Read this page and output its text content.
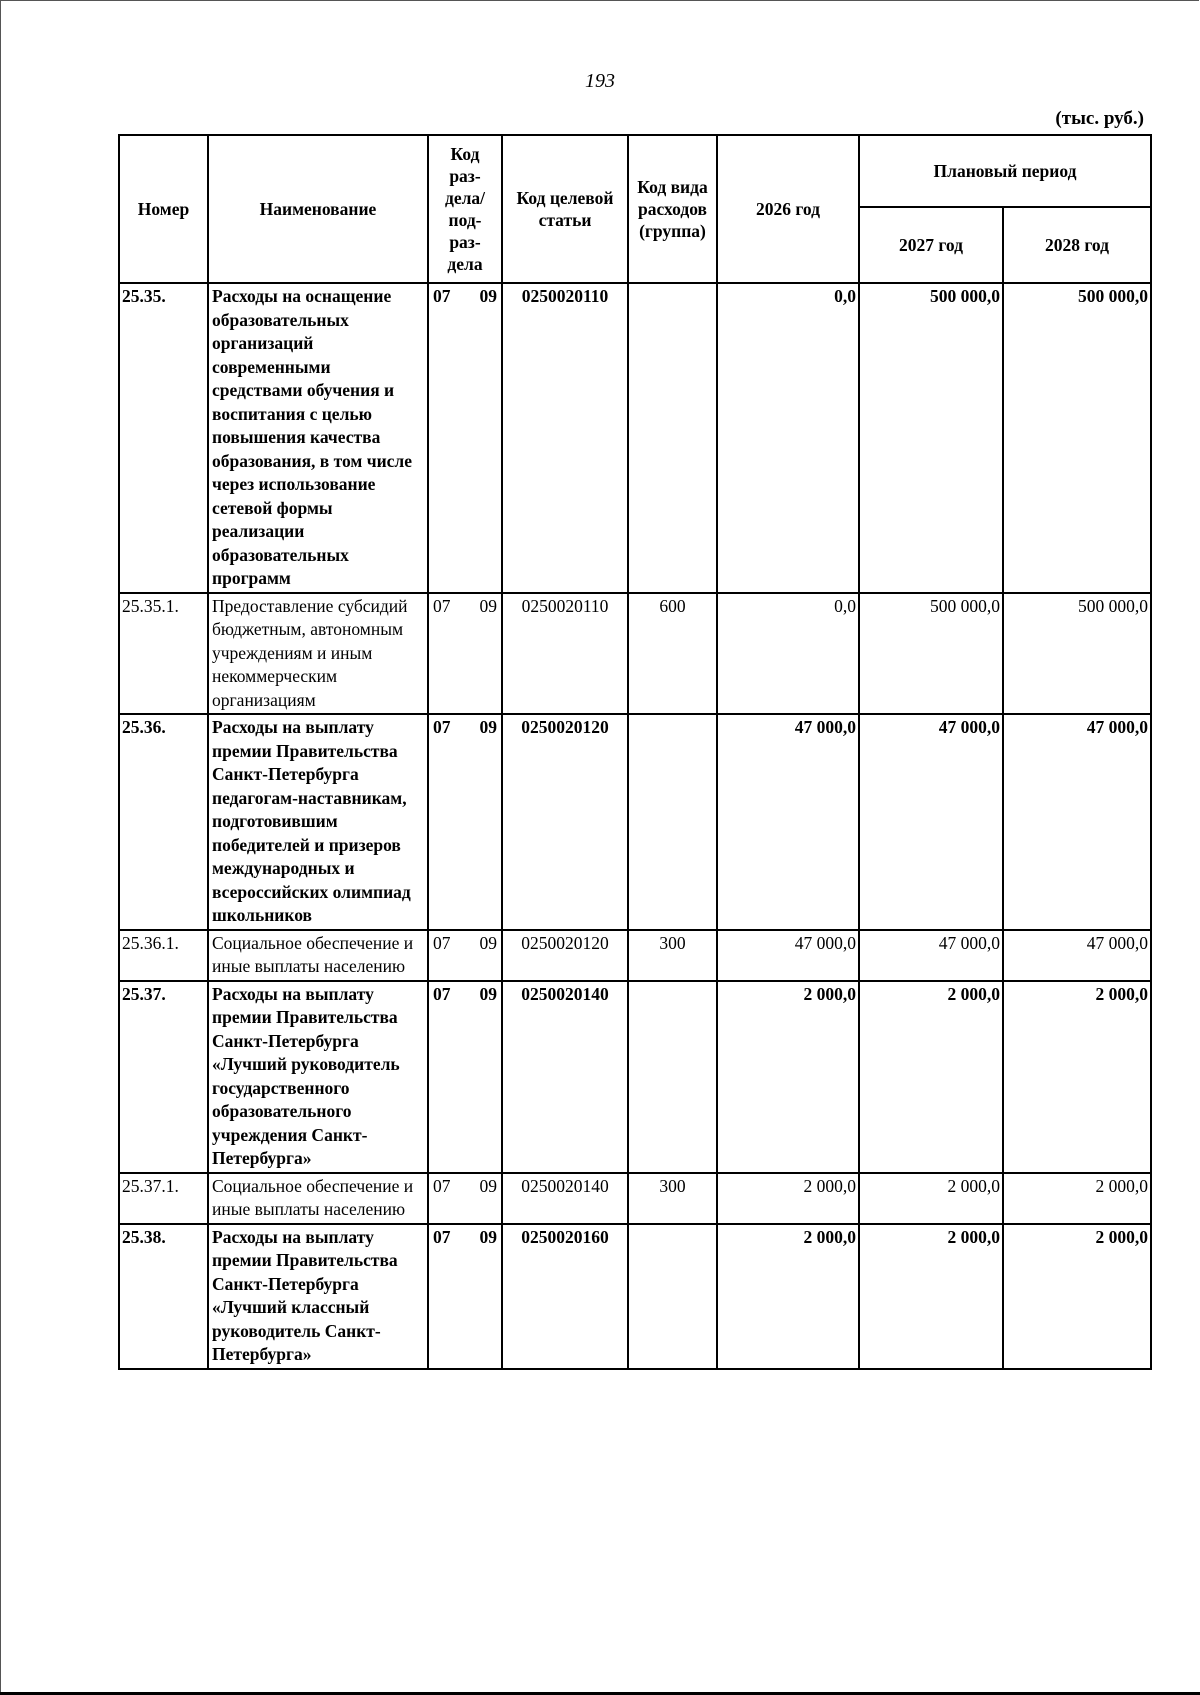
193
(тыс. руб.)
Номер	Наименование	Код раз-дела/ под-раз-дела	Код целевой статьи	Код вида расходов (группа)	2026 год	Плановый период	
						2027 год	2028 год
25.35.	Расходы на оснащение образовательных организаций современными средствами обучения и воспитания с целью повышения качества образования, в том числе через использование сетевой формы реализации образовательных программ	07 09	0250020110		0,0	500 000,0	500 000,0
25.35.1.	Предоставление субсидий бюджетным, автономным учреждениям и иным некоммерческим организациям	07 09	0250020110	600	0,0	500 000,0	500 000,0
25.36.	Расходы на выплату премии Правительства Санкт-Петербурга педагогам-наставникам, подготовившим победителей и призеров международных и всероссийских олимпиад школьников	07 09	0250020120		47 000,0	47 000,0	47 000,0
25.36.1.	Социальное обеспечение и иные выплаты населению	07 09	0250020120	300	47 000,0	47 000,0	47 000,0
25.37.	Расходы на выплату премии Правительства Санкт-Петербурга «Лучший руководитель государственного образовательного учреждения Санкт-Петербурга»	07 09	0250020140		2 000,0	2 000,0	2 000,0
25.37.1.	Социальное обеспечение и иные выплаты населению	07 09	0250020140	300	2 000,0	2 000,0	2 000,0
25.38.	Расходы на выплату премии Правительства Санкт-Петербурга «Лучший классный руководитель Санкт-Петербурга»	07 09	0250020160		2 000,0	2 000,0	2 000,0
